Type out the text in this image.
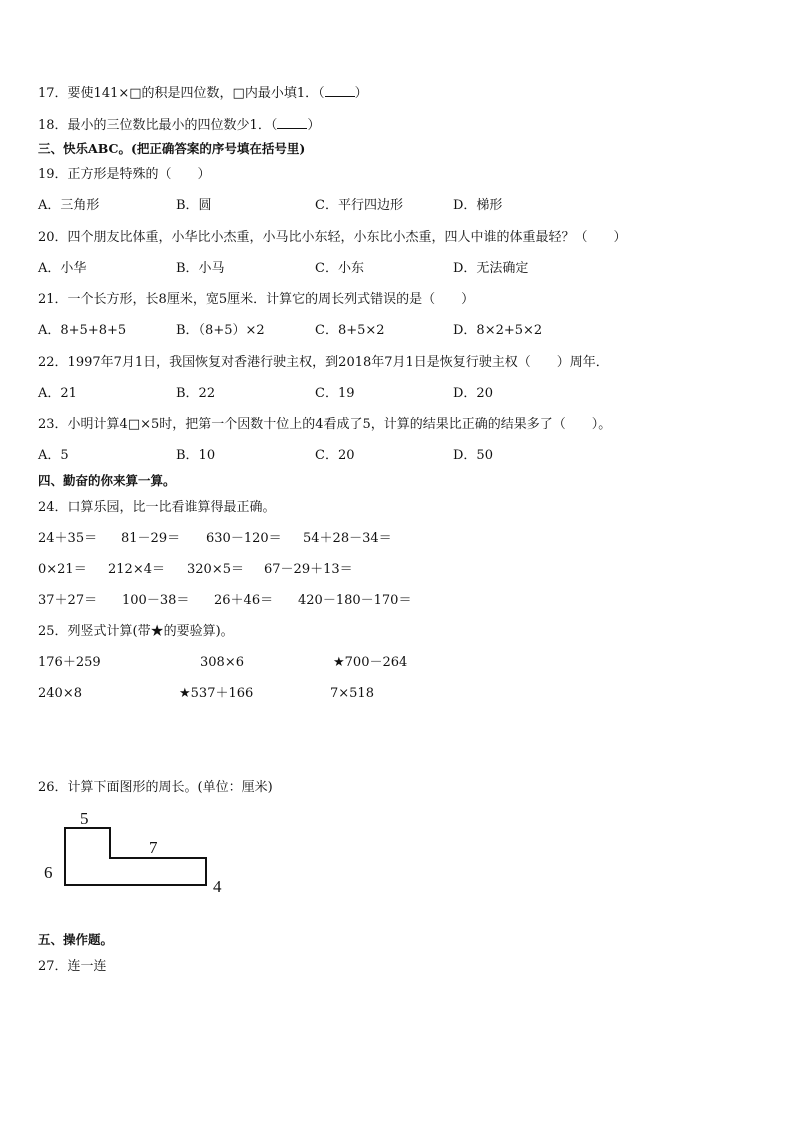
17．要使141×□的积是四位数，□内最小填1．（ ）
18．最小的三位数比最小的四位数少1．（ ）
三、快乐ABC。(把正确答案的序号填在括号里)
19．正方形是特殊的（　　）
A．三角形	B．圆	C．平行四边形	D．梯形
20．四个朋友比体重，小华比小杰重，小马比小东轻，小东比小杰重，四人中谁的体重最轻？（　　）
A．小华	B．小马	C．小东	D．无法确定
21．一个长方形，长8厘米，宽5厘米．计算它的周长列式错误的是（　　）
A．8+5+8+5	B．（8+5）×2	C．8+5×2	D．8×2+5×2
22．1997年7月1日，我国恢复对香港行驶主权，到2018年7月1日是恢复行驶主权（　　）周年．
A．21	B．22	C．19	D．20
23．小明计算4□×5时，把第一个因数十位上的4看成了5，计算的结果比正确的结果多了（　　）。
A．5	B．10	C．20	D．50
四、勤奋的你来算一算。
24．口算乐园，比一比看谁算得最正确。
24＋35＝ 81－29＝ 630－120＝ 54＋28－34＝
0×21＝ 212×4＝ 320×5＝ 67－29＋13＝
37＋27＝ 100－38＝ 26＋46＝ 420－180－170＝
25．列竖式计算(带★的要验算)。
176＋259	308×6	★700－264
240×8	★537＋166	7×518
26．计算下面图形的周长。(单位：厘米)
5
7
6
4
五、操作题。
27．连一连
